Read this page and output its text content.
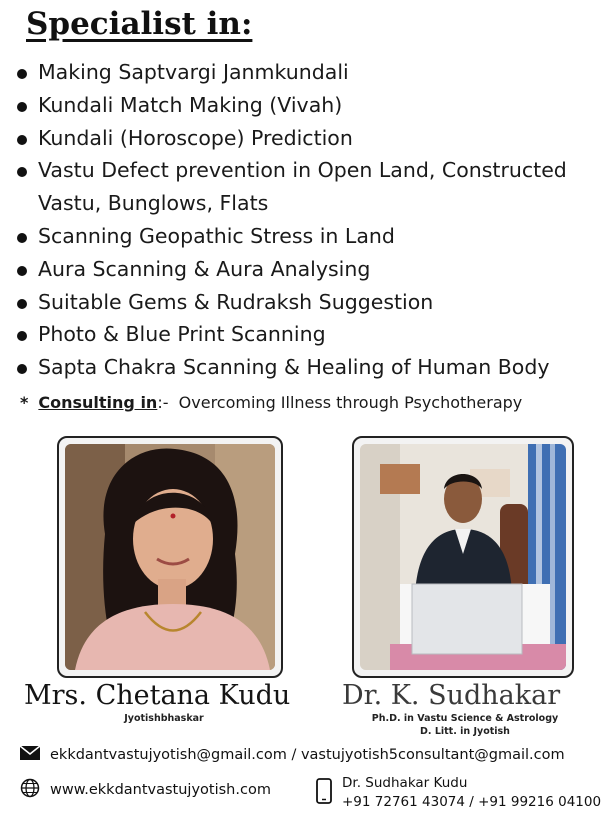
Specialist in:
Making Saptvargi Janmkundali
Kundali Match Making (Vivah)
Kundali (Horoscope) Prediction
Vastu Defect prevention in Open Land, Constructed
Vastu, Bunglows, Flats
Scanning Geopathic Stress in Land
Aura Scanning & Aura Analysing
Suitable Gems & Rudraksh Suggestion
Photo & Blue Print Scanning
Sapta Chakra Scanning & Healing of Human Body
* Consulting in:- Overcoming Illness through Psychotherapy
Mrs. Chetana Kudu
Jyotishbhaskar
Dr. K. Sudhakar
Ph.D. in Vastu Science & Astrology
D. Litt. in Jyotish
ekkdantvastujyotish@gmail.com / vastujyotish5consultant@gmail.com
www.ekkdantvastujyotish.com	Dr. Sudhakar Kudu
+91 72761 43074 / +91 99216 04100
